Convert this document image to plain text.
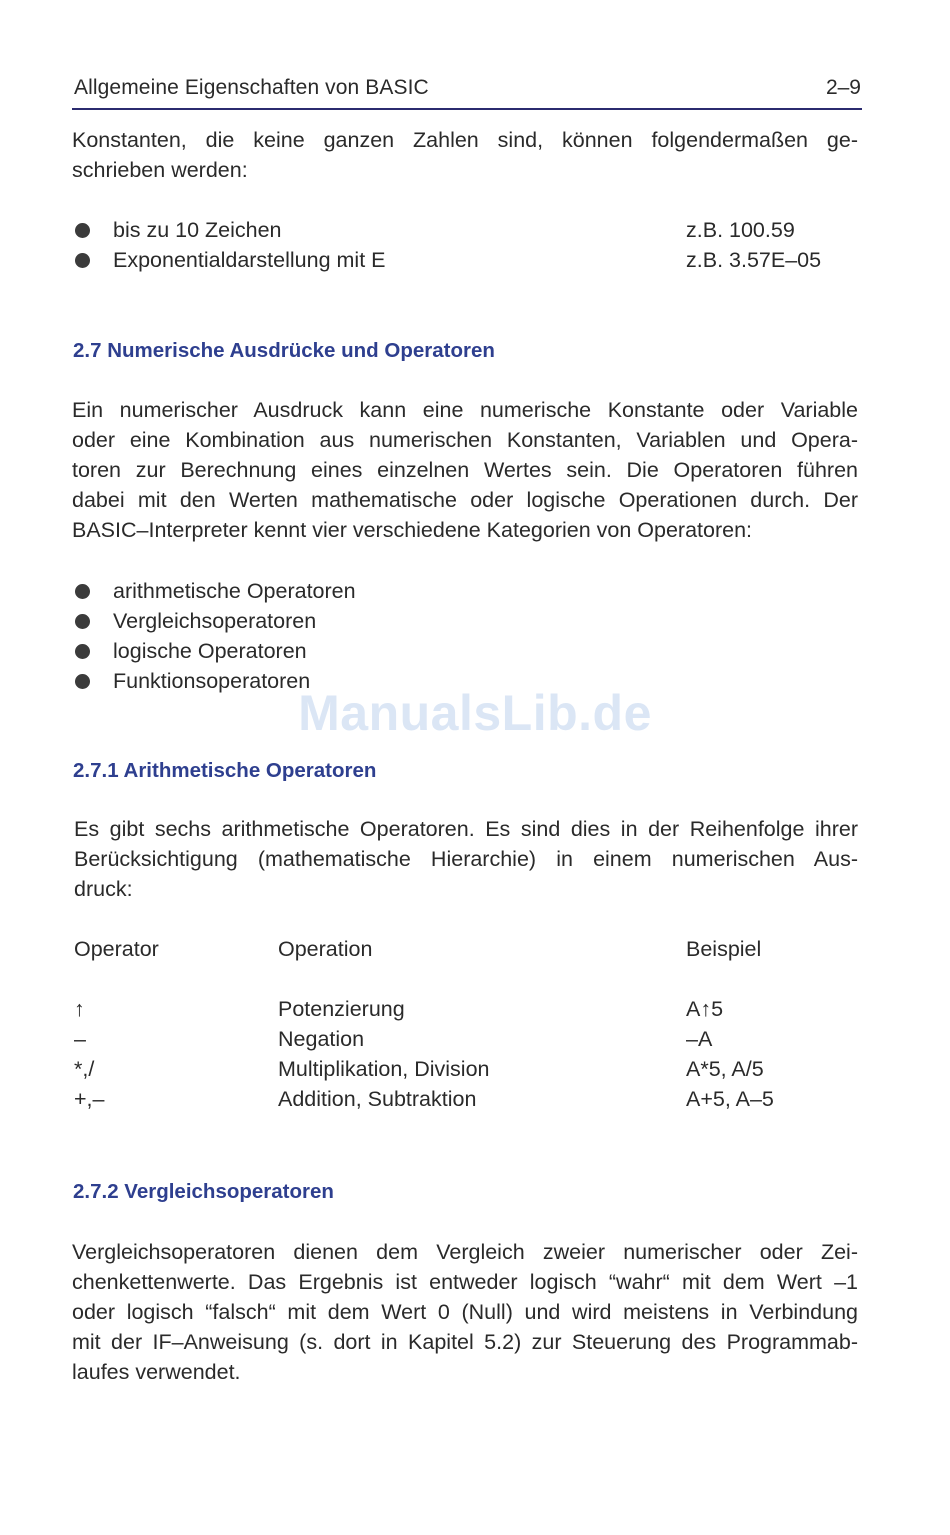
Allgemeine Eigenschaften von BASIC	2–9
Konstanten, die keine ganzen Zahlen sind, können folgendermaßen ge-
schrieben werden:
bis zu 10 Zeichen	z.B. 100.59
Exponentialdarstellung mit E	z.B. 3.57E–05
2.7 Numerische Ausdrücke und Operatoren
Ein numerischer Ausdruck kann eine numerische Konstante oder Variable
oder eine Kombination aus numerischen Konstanten, Variablen und Opera-
toren zur Berechnung eines einzelnen Wertes sein. Die Operatoren führen
dabei mit den Werten mathematische oder logische Operationen durch. Der
BASIC–Interpreter kennt vier verschiedene Kategorien von Operatoren:
arithmetische Operatoren
Vergleichsoperatoren
logische Operatoren
Funktionsoperatoren
ManualsLib.de
2.7.1 Arithmetische Operatoren
Es gibt sechs arithmetische Operatoren. Es sind dies in der Reihenfolge ihrer
Berücksichtigung (mathematische Hierarchie) in einem numerischen Aus-
druck:
Operator	Operation	Beispiel
↑	Potenzierung	A↑5
–	Negation	–A
*,/	Multiplikation, Division	A*5, A/5
+,–	Addition, Subtraktion	A+5, A–5
2.7.2 Vergleichsoperatoren
Vergleichsoperatoren dienen dem Vergleich zweier numerischer oder Zei-
chenkettenwerte. Das Ergebnis ist entweder logisch “wahr“ mit dem Wert –1
oder logisch “falsch“ mit dem Wert 0 (Null) und wird meistens in Verbindung
mit der IF–Anweisung (s. dort in Kapitel 5.2) zur Steuerung des Programmab-
laufes verwendet.
